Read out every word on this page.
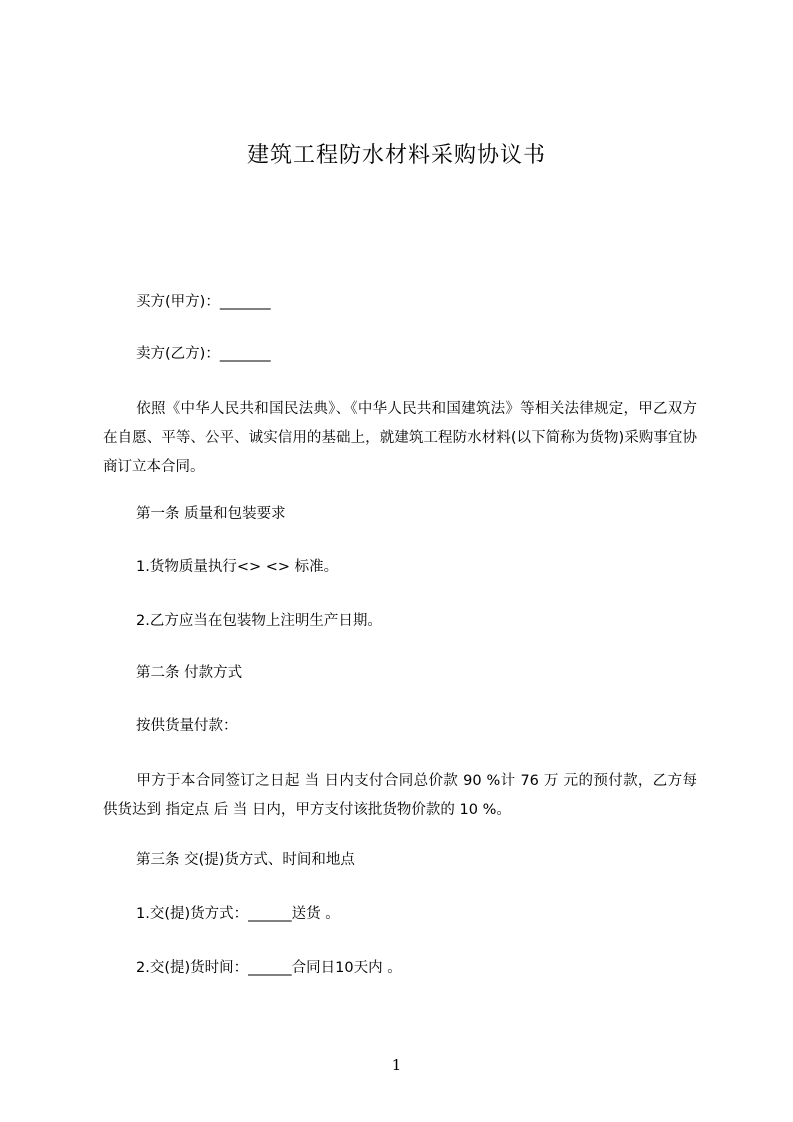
建筑工程防水材料采购协议书
买方(甲方)：_______
卖方(乙方)：_______
依照《中华人民共和国民法典》、《中华人民共和国建筑法》等相关法律规定，甲乙双方在自愿、平等、公平、诚实信用的基础上，就建筑工程防水材料(以下简称为货物)采购事宜协商订立本合同。
第一条 质量和包装要求
1.货物质量执行<> <> 标准。
2.乙方应当在包装物上注明生产日期。
第二条 付款方式
按供货量付款：
甲方于本合同签订之日起 当 日内支付合同总价款 90 %计 76 万 元的预付款，乙方每供货达到 指定点 后 当 日内，甲方支付该批货物价款的 10 %。
第三条 交(提)货方式、时间和地点
1.交(提)货方式：______送货 。
2.交(提)货时间：______合同日10天内 。
1
